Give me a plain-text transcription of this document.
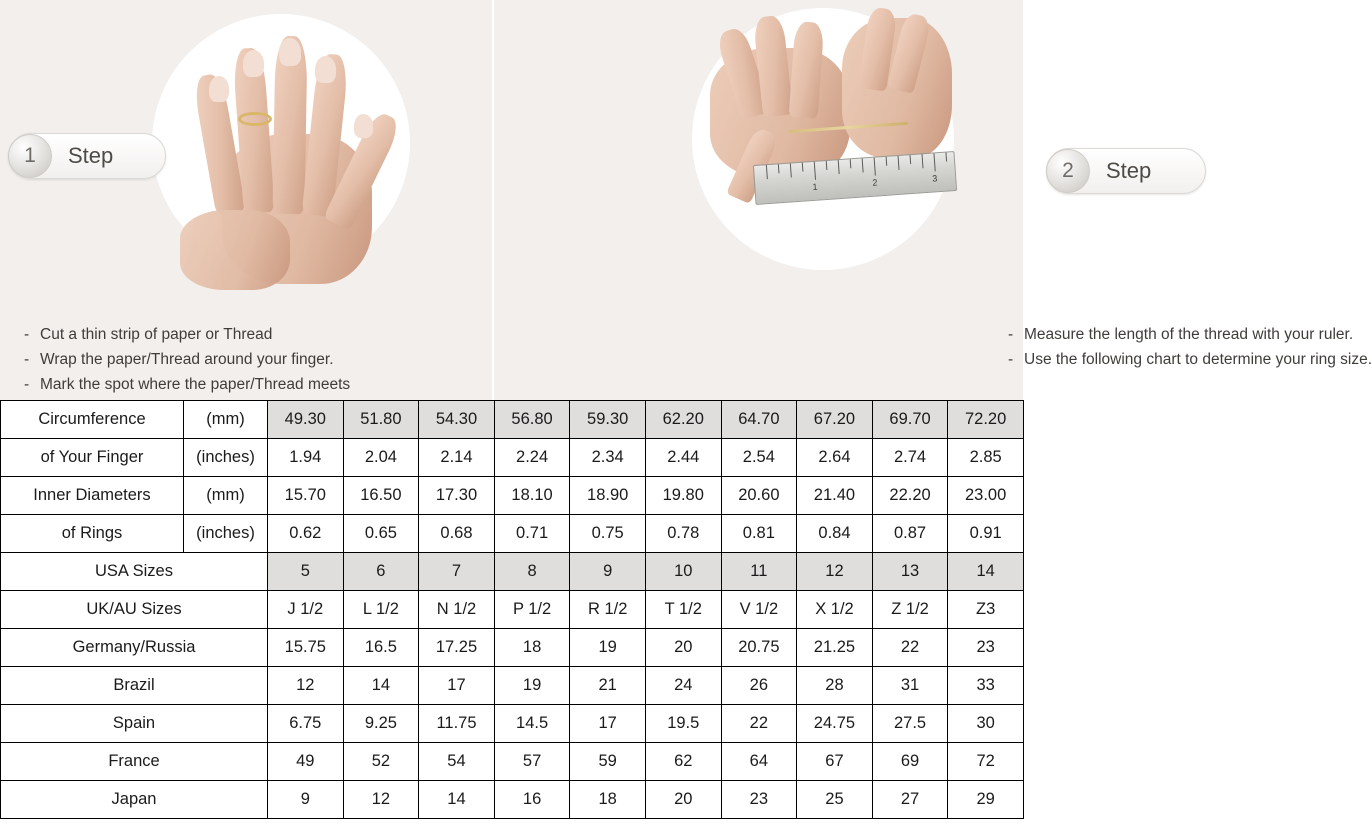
1	Step
- Cut a thin strip of paper or Thread
- Wrap the paper/Thread around your finger.
- Mark the spot where the paper/Thread meets
1	2	3	2	Step
- Measure the length of the thread with your ruler.
- Use the following chart to determine your ring size.
Circumference	(mm)	49.30	51.80	54.30	56.80	59.30	62.20	64.70	67.20	69.70	72.20
of Your Finger	(inches)	1.94	2.04	2.14	2.24	2.34	2.44	2.54	2.64	2.74	2.85
Inner Diameters	(mm)	15.70	16.50	17.30	18.10	18.90	19.80	20.60	21.40	22.20	23.00
of Rings	(inches)	0.62	0.65	0.68	0.71	0.75	0.78	0.81	0.84	0.87	0.91
USA Sizes		5	6	7	8	9	10	11	12	13	14
UK/AU Sizes		J 1/2	L 1/2	N 1/2	P 1/2	R 1/2	T 1/2	V 1/2	X 1/2	Z 1/2	Z3
Germany/Russia		15.75	16.5	17.25	18	19	20	20.75	21.25	22	23
Brazil		12	14	17	19	21	24	26	28	31	33
Spain		6.75	9.25	11.75	14.5	17	19.5	22	24.75	27.5	30
France		49	52	54	57	59	62	64	67	69	72
Japan		9	12	14	16	18	20	23	25	27	29
